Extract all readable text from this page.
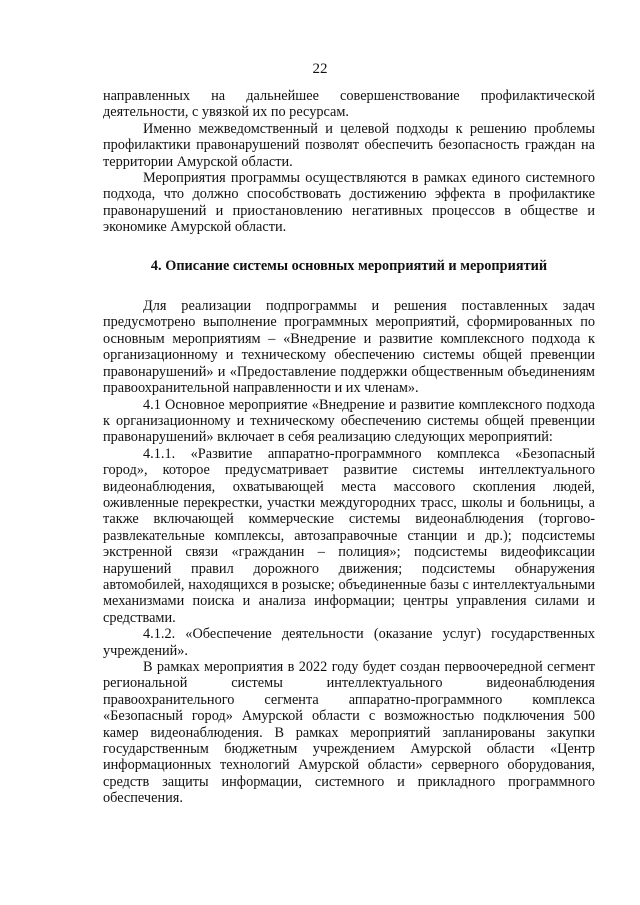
22

направленных на дальнейшее совершенствование профилактической деятельности, с увязкой их по ресурсам.

Именно межведомственный и целевой подходы к решению проблемы профилактики правонарушений позволят обеспечить безопасность граждан на территории Амурской области.

Мероприятия программы осуществляются в рамках единого системного подхода, что должно способствовать достижению эффекта в профилактике правонарушений и приостановлению негативных процессов в обществе и экономике Амурской области.

4. Описание системы основных мероприятий и мероприятий

Для реализации подпрограммы и решения поставленных задач предусмотрено выполнение программных мероприятий, сформированных по основным мероприятиям – «Внедрение и развитие комплексного подхода к организационному и техническому обеспечению системы общей превенции правонарушений» и «Предоставление поддержки общественным объединениям правоохранительной направленности и их членам».

4.1 Основное мероприятие «Внедрение и развитие комплексного подхода к организационному и техническому обеспечению системы общей превенции правонарушений» включает в себя реализацию следующих мероприятий:

4.1.1. «Развитие аппаратно-программного комплекса «Безопасный город», которое предусматривает развитие системы интеллектуального видеонаблюдения, охватывающей места массового скопления людей, оживленные перекрестки, участки междугородних трасс, школы и больницы, а также включающей коммерческие системы видеонаблюдения (торгово-развлекательные комплексы, автозаправочные станции и др.); подсистемы экстренной связи «гражданин – полиция»; подсистемы видеофиксации нарушений правил дорожного движения; подсистемы обнаружения автомобилей, находящихся в розыске; объединенные базы с интеллектуальными механизмами поиска и анализа информации; центры управления силами и средствами.

4.1.2. «Обеспечение деятельности (оказание услуг) государственных учреждений».

В рамках мероприятия в 2022 году будет создан первоочередной сегмент региональной системы интеллектуального видеонаблюдения правоохранительного сегмента аппаратно-программного комплекса «Безопасный город» Амурской области с возможностью подключения 500 камер видеонаблюдения. В рамках мероприятий запланированы закупки государственным бюджетным учреждением Амурской области «Центр информационных технологий Амурской области» серверного оборудования, средств защиты информации, системного и прикладного программного обеспечения.
